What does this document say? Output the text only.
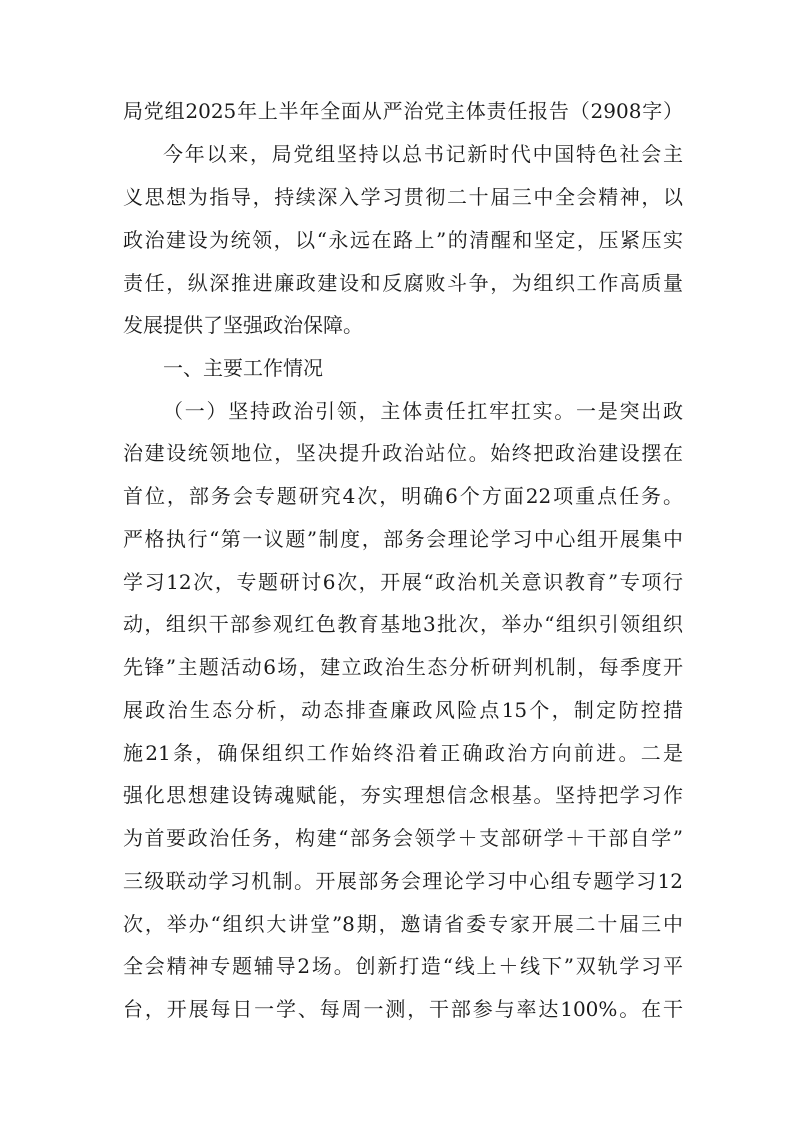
局党组2025年上半年全面从严治党主体责任报告（2908字）
今年以来，局党组坚持以总书记新时代中国特色社会主
义思想为指导，持续深入学习贯彻二十届三中全会精神，以
政治建设为统领，以“永远在路上”的清醒和坚定，压紧压实
责任，纵深推进廉政建设和反腐败斗争，为组织工作高质量
发展提供了坚强政治保障。
一、主要工作情况
（一）坚持政治引领，主体责任扛牢扛实。一是突出政
治建设统领地位，坚决提升政治站位。始终把政治建设摆在
首位，部务会专题研究4次，明确6个方面22项重点任务。
严格执行“第一议题”制度，部务会理论学习中心组开展集中
学习12次，专题研讨6次，开展“政治机关意识教育”专项行
动，组织干部参观红色教育基地3批次，举办“组织引领组织
先锋”主题活动6场，建立政治生态分析研判机制，每季度开
展政治生态分析，动态排查廉政风险点15个，制定防控措
施21条，确保组织工作始终沿着正确政治方向前进。二是
强化思想建设铸魂赋能，夯实理想信念根基。坚持把学习作
为首要政治任务，构建“部务会领学＋支部研学＋干部自学”
三级联动学习机制。开展部务会理论学习中心组专题学习12
次，举办“组织大讲堂”8期，邀请省委专家开展二十届三中
全会精神专题辅导2场。创新打造“线上＋线下”双轨学习平
台，开展每日一学、每周一测，干部参与率达100%。在干
